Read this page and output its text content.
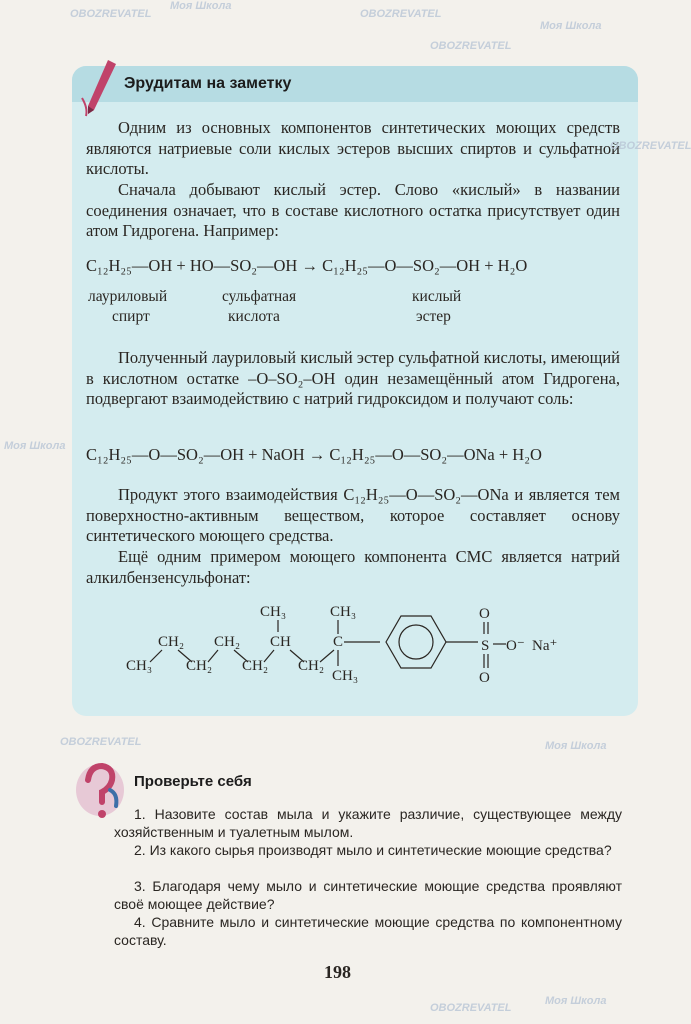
Эрудитам на заметку
Одним из основных компонентов синтетических моющих средств являются натриевые соли кислых эстеров высших спиртов и сульфатной кислоты.
Сначала добывают кислый эстер. Слово «кислый» в названии соединения означает, что в составе кислотного остатка присутствует один атом Гидрогена. Например:
C₁₂H₂₅—OH + HO—SO₂—OH → C₁₂H₂₅—O—SO₂—OH + H₂O
лауриловый
спирт
сульфатная
кислота
кислый
эстер
Полученный лауриловый кислый эстер сульфатной кислоты, имеющий в кислотном остатке –O–SO₂–OH один незамещённый атом Гидрогена, подвергают взаимодействию с натрий гидроксидом и получают соль:
C₁₂H₂₅—O—SO₂—OH + NaOH → C₁₂H₂₅—O—SO₂—ONa + H₂O
Продукт этого взаимодействия C₁₂H₂₅—O—SO₂—ONa и является тем поверхностно-активным веществом, которое составляет основу синтетического моющего средства.
Ещё одним примером моющего компонента СМС является натрий алкилбензенсульфонат:
CH₃	CH₃
CH₂ CH₂ CH	C
CH₃ CH₂ CH₂ CH₂
CH₃
S
O
O
O⁻ Na⁺
Проверьте себя
1. Назовите состав мыла и укажите различие, существующее между хозяйственным и туалетным мылом.
2. Из какого сырья производят мыло и синтетические моющие средства?
3. Благодаря чему мыло и синтетические моющие средства проявляют своё моющее действие?
4. Сравните мыло и синтетические моющие средства по компонентному составу.
198
OBOZREVATEL	OBOZREVATEL
Моя Школа
Моя Школа
OBOZREVATEL
OBOZREVATEL
Моя Школа
OBOZREVATEL	Моя Школа
Моя Школа
OBOZREVATEL
